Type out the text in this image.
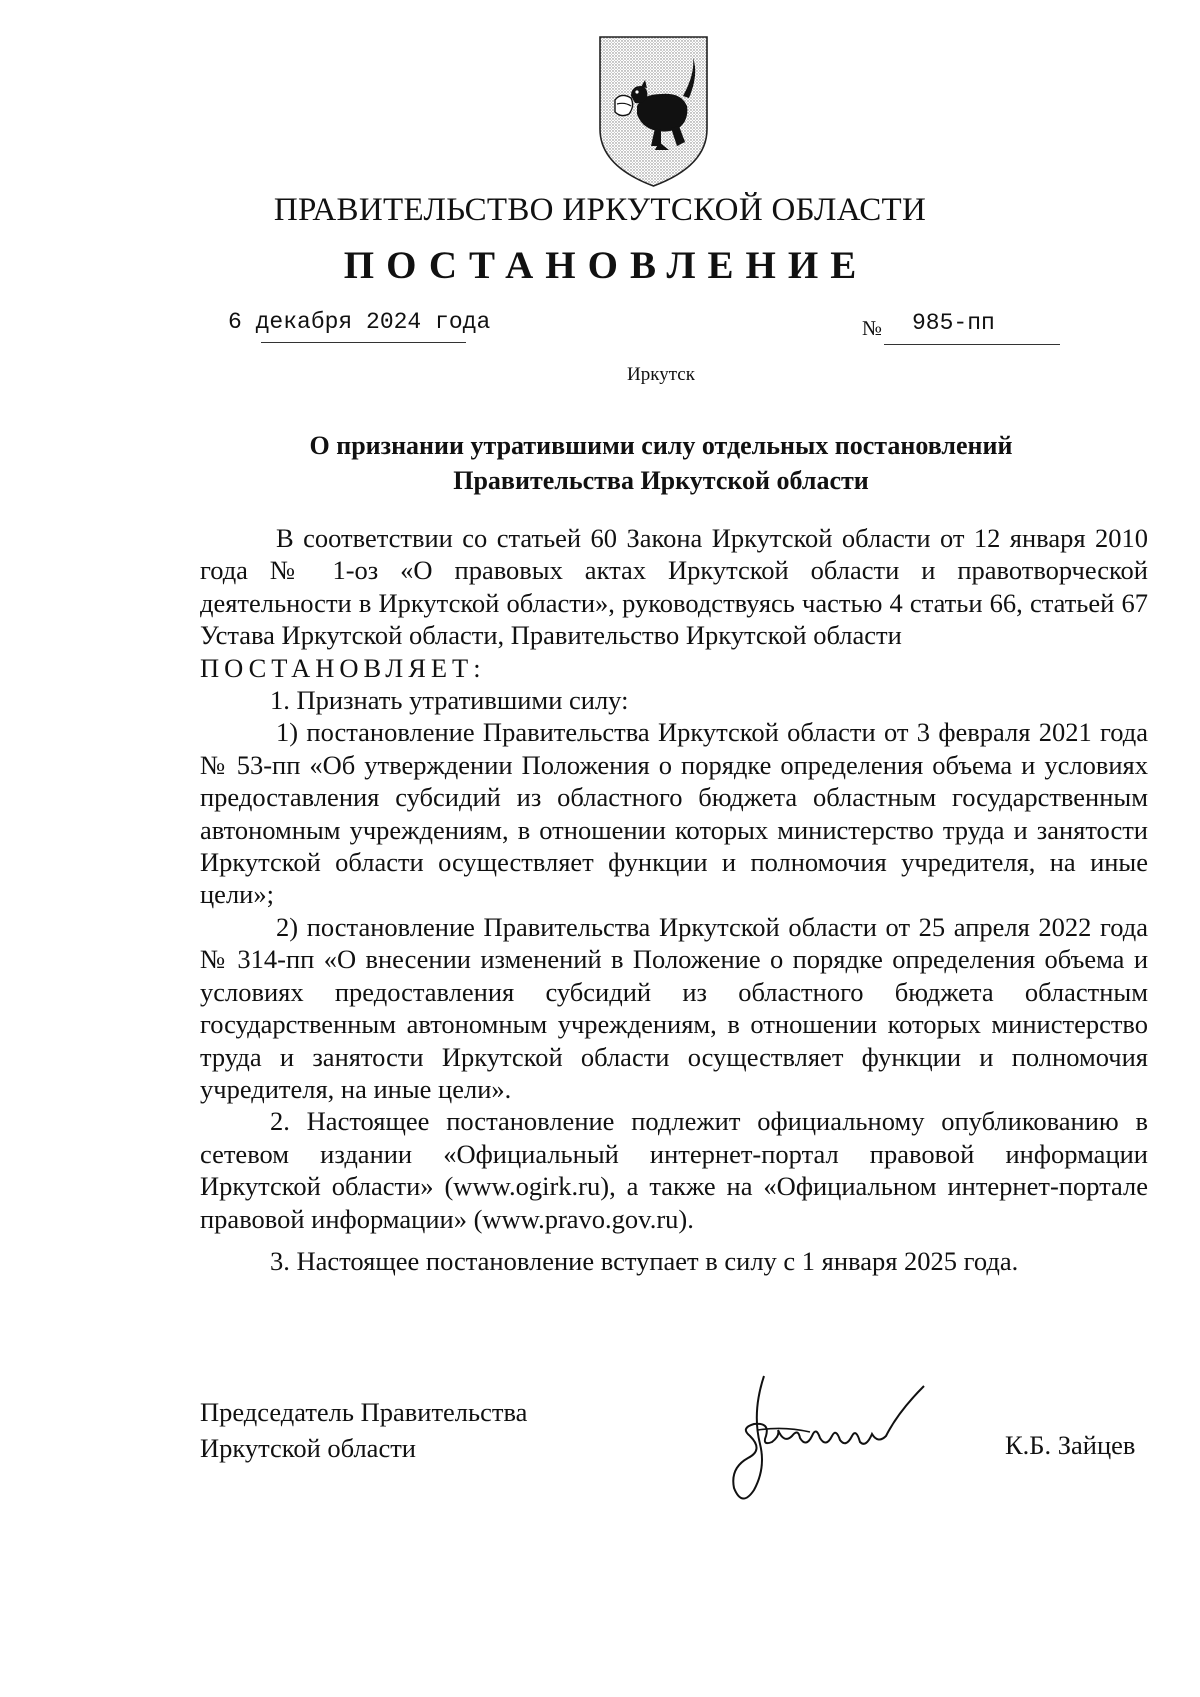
ПРАВИТЕЛЬСТВО ИРКУТСКОЙ ОБЛАСТИ
ПОСТАНОВЛЕНИЕ
6 декабря 2024 года	№ 985-пп
Иркутск
О признании утратившими силу отдельных постановлений
Правительства Иркутской области

В соответствии со статьей 60 Закона Иркутской области от 12 января 2010 года № 1-оз «О правовых актах Иркутской области и правотворческой деятельности в Иркутской области», руководствуясь частью 4 статьи 66, статьей 67 Устава Иркутской области, Правительство Иркутской области

ПОСТАНОВЛЯЕТ:

1. Признать утратившими силу:

1) постановление Правительства Иркутской области от 3 февраля 2021 года № 53-пп «Об утверждении Положения о порядке определения объема и условиях предоставления субсидий из областного бюджета областным государственным автономным учреждениям, в отношении которых министерство труда и занятости Иркутской области осуществляет функции и полномочия учредителя, на иные цели»;

2) постановление Правительства Иркутской области от 25 апреля 2022 года № 314-пп «О внесении изменений в Положение о порядке определения объема и условиях предоставления субсидий из областного бюджета областным государственным автономным учреждениям, в отношении которых министерство труда и занятости Иркутской области осуществляет функции и полномочия учредителя, на иные цели».

2. Настоящее постановление подлежит официальному опубликованию в сетевом издании «Официальный интернет-портал правовой информации Иркутской области» (www.ogirk.ru), а также на «Официальном интернет-портале правовой информации» (www.pravo.gov.ru).

3. Настоящее постановление вступает в силу с 1 января 2025 года.

Председатель Правительства
Иркутской области	К.Б. Зайцев
